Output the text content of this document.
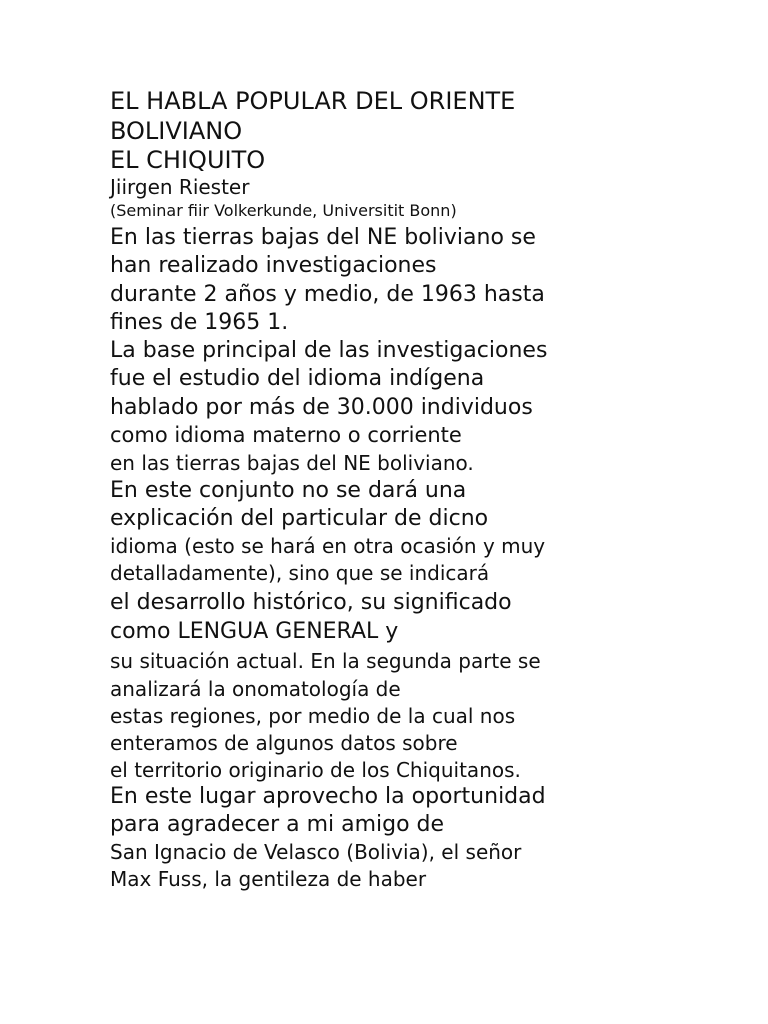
EL HABLA POPULAR DEL ORIENTE
BOLIVIANO
EL CHIQUITO
Jiirgen Riester
(Seminar fiir Volkerkunde, Universitit Bonn)
En las tierras bajas del NE boliviano se
han realizado investigaciones
durante 2 años y medio, de 1963 hasta
fines de 1965 1.
La base principal de las investigaciones
fue el estudio del idioma indígena
hablado por más de 30.000 individuos
como idioma materno o corriente
en las tierras bajas del NE boliviano.
En este conjunto no se dará una
explicación del particular de dicno
idioma (esto se hará en otra ocasión y muy
detalladamente), sino que se indicará
el desarrollo histórico, su significado
como LENGUA GENERAL y
su situación actual. En la segunda parte se
analizará la onomatología de
estas regiones, por medio de la cual nos
enteramos de algunos datos sobre
el territorio originario de los Chiquitanos.
En este lugar aprovecho la oportunidad
para agradecer a mi amigo de
San Ignacio de Velasco (Bolivia), el señor
Max Fuss, la gentileza de haber
